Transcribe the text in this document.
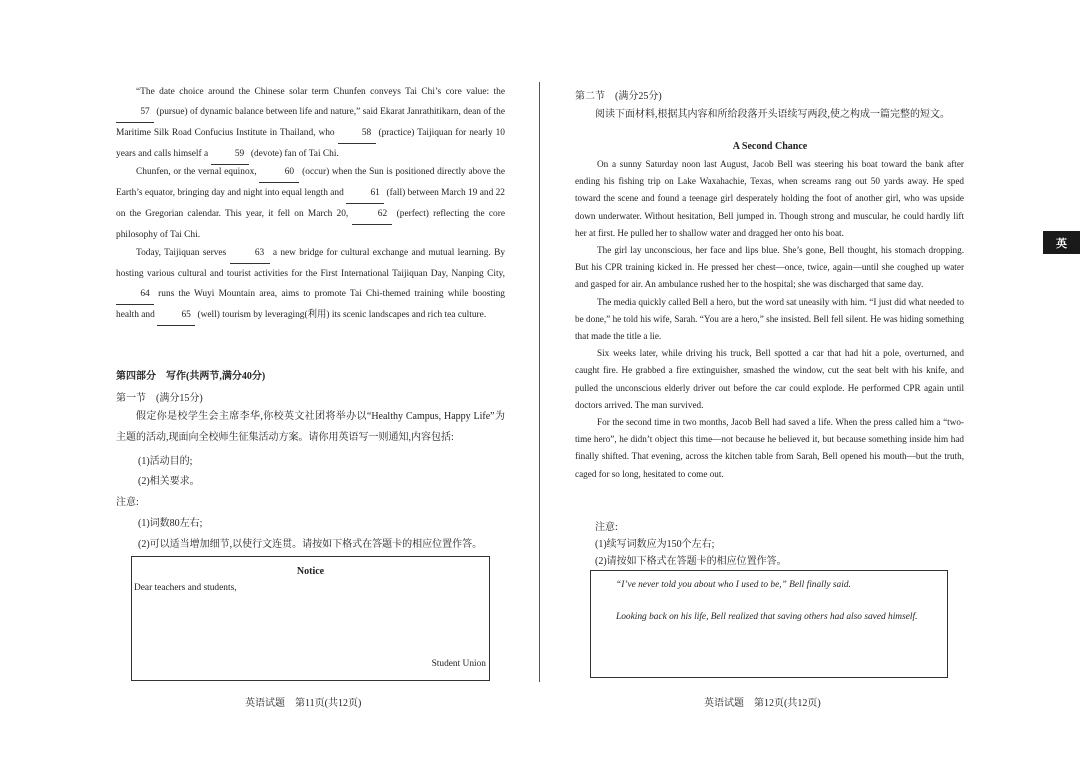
“The date choice around the Chinese solar term Chunfen conveys Tai Chi’s core value: the 57 (pursue) of dynamic balance between life and nature,” said Ekarat Janrathitikarn, dean of the Maritime Silk Road Confucius Institute in Thailand, who	58 (practice) Taijiquan for nearly 10 years and calls himself a	59 (devote) fan of Tai Chi.
Chunfen, or the vernal equinox,	60 (occur) when the Sun is positioned directly above the Earth’s equator, bringing day and night into equal length and	61 (fall) between March 19 and 22 on the Gregorian calendar. This year, it fell on March 20,	62 (perfect) reflecting the core philosophy of Tai Chi.
Today, Taijiquan serves	63 a new bridge for cultural exchange and mutual learning. By hosting various cultural and tourist activities for the First International Taijiquan Day, Nanping City, 64 runs the Wuyi Mountain area, aims to promote Tai Chi-themed training while boosting health and	65 (well) tourism by leveraging(利用) its scenic landscapes and rich tea culture.
第四部分　写作(共两节,满分40分)
第一节　(满分15分)
假定你是校学生会主席李华,你校英文社团将举办以“Healthy Campus, Happy Life”为主题的活动,现面向全校师生征集活动方案。请你用英语写一则通知,内容包括:
(1)活动目的;
(2)相关要求。
注意:
(1)词数80左右;
(2)可以适当增加细节,以使行文连贯。请按如下格式在答题卡的相应位置作答。
Notice
Dear teachers and students,
Student Union
英语试题　第11页(共12页)
第二节　(满分25分)
阅读下面材料,根据其内容和所给段落开头语续写两段,使之构成一篇完整的短文。
A Second Chance

On a sunny Saturday noon last August, Jacob Bell was steering his boat toward the bank after ending his fishing trip on Lake Waxahachie, Texas, when screams rang out 50 yards away. He sped toward the scene and found a teenage girl desperately holding the foot of another girl, who was upside down underwater. Without hesitation, Bell jumped in. Though strong and muscular, he could hardly lift her at first. He pulled her to shallow water and dragged her onto his boat.

The girl lay unconscious, her face and lips blue. She’s gone, Bell thought, his stomach dropping. But his CPR training kicked in. He pressed her chest—once, twice, again—until she coughed up water and gasped for air. An ambulance rushed her to the hospital; she was discharged that same day.

The media quickly called Bell a hero, but the word sat uneasily with him. “I just did what needed to be done,” he told his wife, Sarah. “You are a hero,” she insisted. Bell fell silent. He was hiding something that made the title a lie.

Six weeks later, while driving his truck, Bell spotted a car that had hit a pole, overturned, and caught fire. He grabbed a fire extinguisher, smashed the window, cut the seat belt with his knife, and pulled the unconscious elderly driver out before the car could explode. He performed CPR again until doctors arrived. The man survived.

For the second time in two months, Jacob Bell had saved a life. When the press called him a “two-time hero”, he didn’t object this time—not because he believed it, but because something inside him had finally shifted. That evening, across the kitchen table from Sarah, Bell opened his mouth—but the truth, caged for so long, hesitated to come out.

注意:
(1)续写词数应为150个左右;
(2)请按如下格式在答题卡的相应位置作答。
“I’ve never told you about who I used to be,” Bell finally said.
Looking back on his life, Bell realized that saving others had also saved himself.
英语试题　第12页(共12页)
英
